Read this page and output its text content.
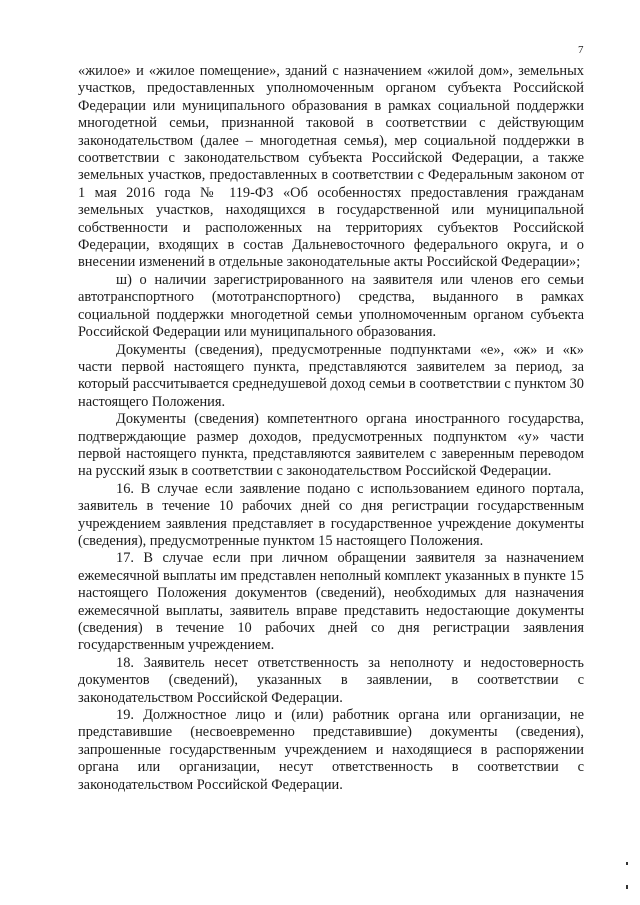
7

«жилое» и «жилое помещение», зданий с назначением «жилой дом», земельных участков, предоставленных уполномоченным органом субъекта Российской Федерации или муниципального образования в рамках социальной поддержки многодетной семьи, признанной таковой в соответствии с действующим законодательством (далее – многодетная семья), мер социальной поддержки в соответствии с законодательством субъекта Российской Федерации, а также земельных участков, предоставленных в соответствии с Федеральным законом от 1 мая 2016 года № 119-ФЗ «Об особенностях предоставления гражданам земельных участков, находящихся в государственной или муниципальной собственности и расположенных на территориях субъектов Российской Федерации, входящих в состав Дальневосточного федерального округа, и о внесении изменений в отдельные законодательные акты Российской Федерации»;

ш) о наличии зарегистрированного на заявителя или членов его семьи автотранспортного (мототранспортного) средства, выданного в рамках социальной поддержки многодетной семьи уполномоченным органом субъекта Российской Федерации или муниципального образования.

Документы (сведения), предусмотренные подпунктами «е», «ж» и «к» части первой настоящего пункта, представляются заявителем за период, за который рассчитывается среднедушевой доход семьи в соответствии с пунктом 30 настоящего Положения.

Документы (сведения) компетентного органа иностранного государства, подтверждающие размер доходов, предусмотренных подпунктом «у» части первой настоящего пункта, представляются заявителем с заверенным переводом на русский язык в соответствии с законодательством Российской Федерации.

16. В случае если заявление подано с использованием единого портала, заявитель в течение 10 рабочих дней со дня регистрации государственным учреждением заявления представляет в государственное учреждение документы (сведения), предусмотренные пунктом 15 настоящего Положения.

17. В случае если при личном обращении заявителя за назначением ежемесячной выплаты им представлен неполный комплект указанных в пункте 15 настоящего Положения документов (сведений), необходимых для назначения ежемесячной выплаты, заявитель вправе представить недостающие документы (сведения) в течение 10 рабочих дней со дня регистрации заявления государственным учреждением.

18. Заявитель несет ответственность за неполноту и недостоверность документов (сведений), указанных в заявлении, в соответствии с законодательством Российской Федерации.

19. Должностное лицо и (или) работник органа или организации, не представившие (несвоевременно представившие) документы (сведения), запрошенные государственным учреждением и находящиеся в распоряжении органа или организации, несут ответственность в соответствии с законодательством Российской Федерации.
